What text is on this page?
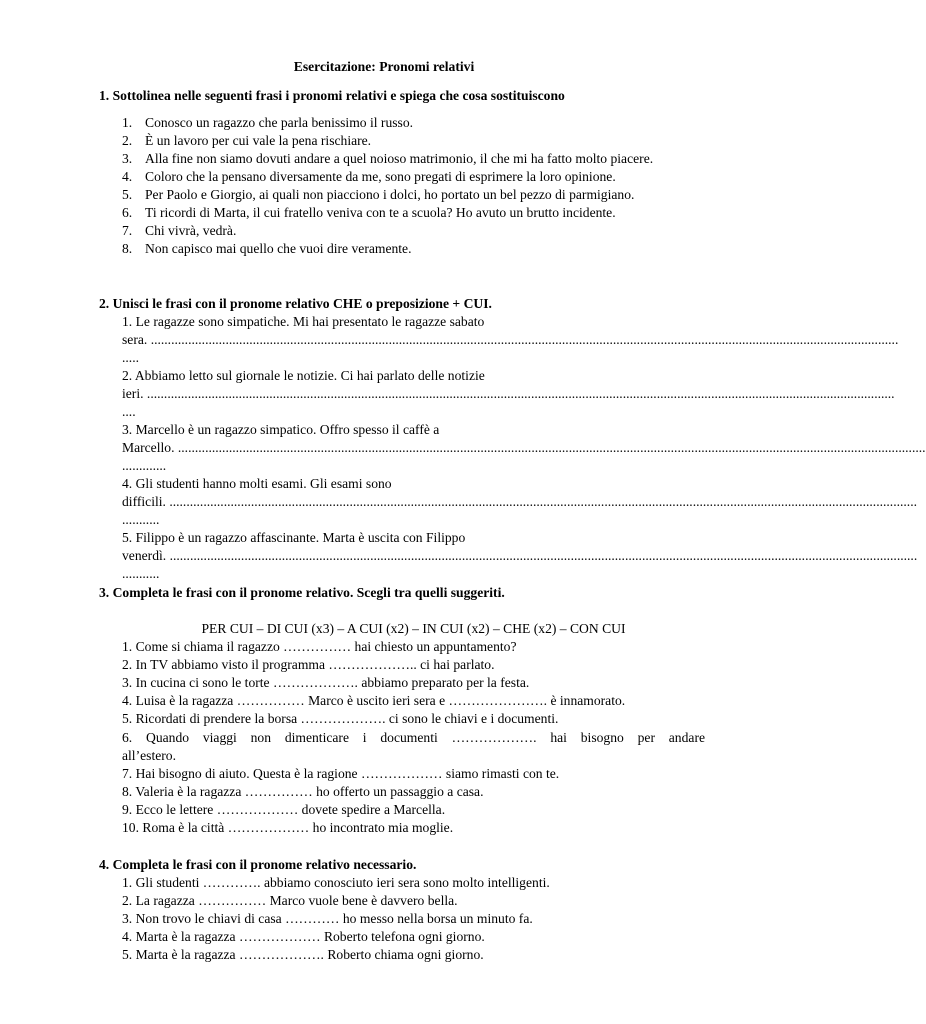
Esercitazione: Pronomi relativi
1. Sottolinea nelle seguenti frasi i pronomi relativi e spiega che cosa sostituiscono
1. Conosco un ragazzo che parla benissimo il russo.
2. È un lavoro per cui vale la pena rischiare.
3. Alla fine non siamo dovuti andare a quel noioso matrimonio, il che mi ha fatto molto piacere.
4. Coloro che la pensano diversamente da me, sono pregati di esprimere la loro opinione.
5. Per Paolo e Giorgio, ai quali non piacciono i dolci, ho portato un bel pezzo di parmigiano.
6. Ti ricordi di Marta, il cui fratello veniva con te a scuola? Ho avuto un brutto incidente.
7. Chi vivrà, vedrà.
8. Non capisco mai quello che vuoi dire veramente.
2. Unisci le frasi con il pronome relativo CHE o preposizione + CUI.
1. Le ragazze sono simpatiche. Mi hai presentato le ragazze sabato
sera. ............................................................................................................................................................................................................................
.....
2. Abbiamo letto sul giornale le notizie. Ci hai parlato delle notizie
ieri. ............................................................................................................................................................................................................................
....
3. Marcello è un ragazzo simpatico. Offro spesso il caffè a
Marcello. ............................................................................................................................................................................................................................
.............
4. Gli studenti hanno molti esami. Gli esami sono
difficili. ............................................................................................................................................................................................................................
...........
5. Filippo è un ragazzo affascinante. Marta è uscita con Filippo
venerdì. ............................................................................................................................................................................................................................
...........
3. Completa le frasi con il pronome relativo. Scegli tra quelli suggeriti.
PER CUI – DI CUI (x3) – A CUI (x2) – IN CUI (x2) – CHE (x2) – CON CUI
1. Come si chiama il ragazzo …………… hai chiesto un appuntamento?
2. In TV abbiamo visto il programma ……………….. ci hai parlato.
3. In cucina ci sono le torte ………………. abbiamo preparato per la festa.
4. Luisa è la ragazza …………… Marco è uscito ieri sera e …………………. è innamorato.
5. Ricordati di prendere la borsa ………………. ci sono le chiavi e i documenti.
6. Quando viaggi non dimenticare i documenti ………………. hai bisogno per andare
all’estero.
7. Hai bisogno di aiuto. Questa è la ragione ……………… siamo rimasti con te.
8. Valeria è la ragazza …………… ho offerto un passaggio a casa.
9. Ecco le lettere ……………… dovete spedire a Marcella.
10. Roma è la città ……………… ho incontrato mia moglie.
4. Completa le frasi con il pronome relativo necessario.
1. Gli studenti …………. abbiamo conosciuto ieri sera sono molto intelligenti.
2. La ragazza …………… Marco vuole bene è davvero bella.
3. Non trovo le chiavi di casa ………… ho messo nella borsa un minuto fa.
4. Marta è la ragazza ……………… Roberto telefona ogni giorno.
5. Marta è la ragazza ………………. Roberto chiama ogni giorno.
